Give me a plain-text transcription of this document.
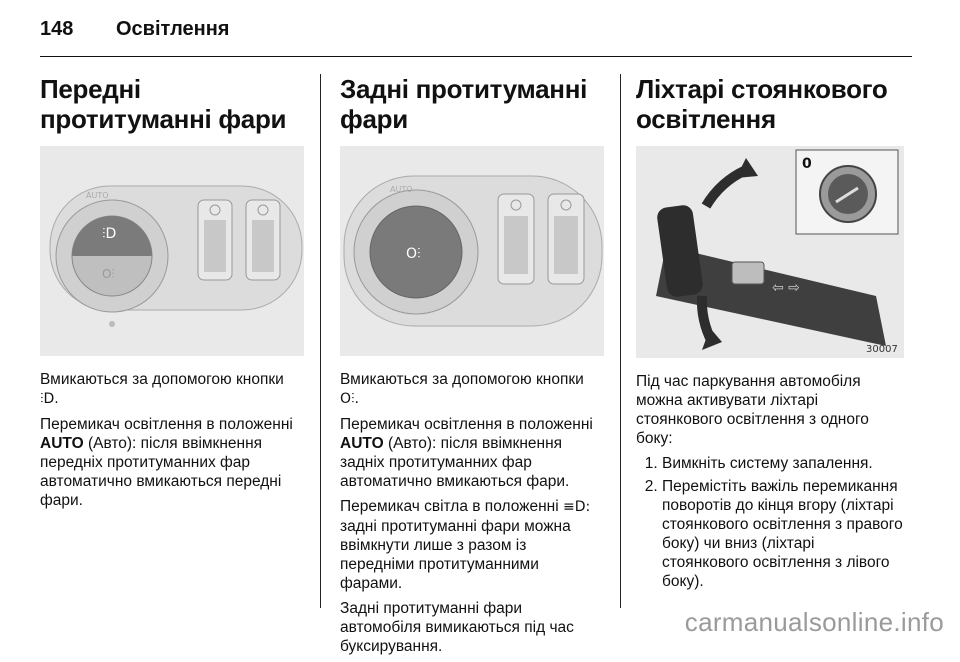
148 Освітлення
Передні протитуманні фари
⫶D
O⫶
AUTO

Вмикаються за допомогою кнопки
⫶D.

Перемикач освітлення в положенні
AUTO (Авто): після ввімкнення передніх протитуманних фар автоматично вмикаються передні фари.

Задні протитуманні фари
O⫶
AUTO

Вмикаються за допомогою кнопки
O⫶.

Перемикач освітлення в положенні
AUTO (Авто): після ввімкнення задніх протитуманних фар автоматично вмикаються фари.

Перемикач світла в положенні ≡D:
задні протитуманні фари можна ввімкнути лише з разом із передніми протитуманними фарами.

Задні протитуманні фари автомобіля вимикаються під час буксирування.

Ліхтарі стоянкового освітлення
⇦ ⇨
0
30007

Під час паркування автомобіля можна активувати ліхтарі стоянкового освітлення з одного боку:

1. Вимкніть систему запалення.
2. Перемістіть важіль перемикання поворотів до кінця вгору (ліхтарі стоянкового освітлення з правого боку) чи вниз (ліхтарі стоянкового освітлення з лівого боку).
carmanualsonline.info
